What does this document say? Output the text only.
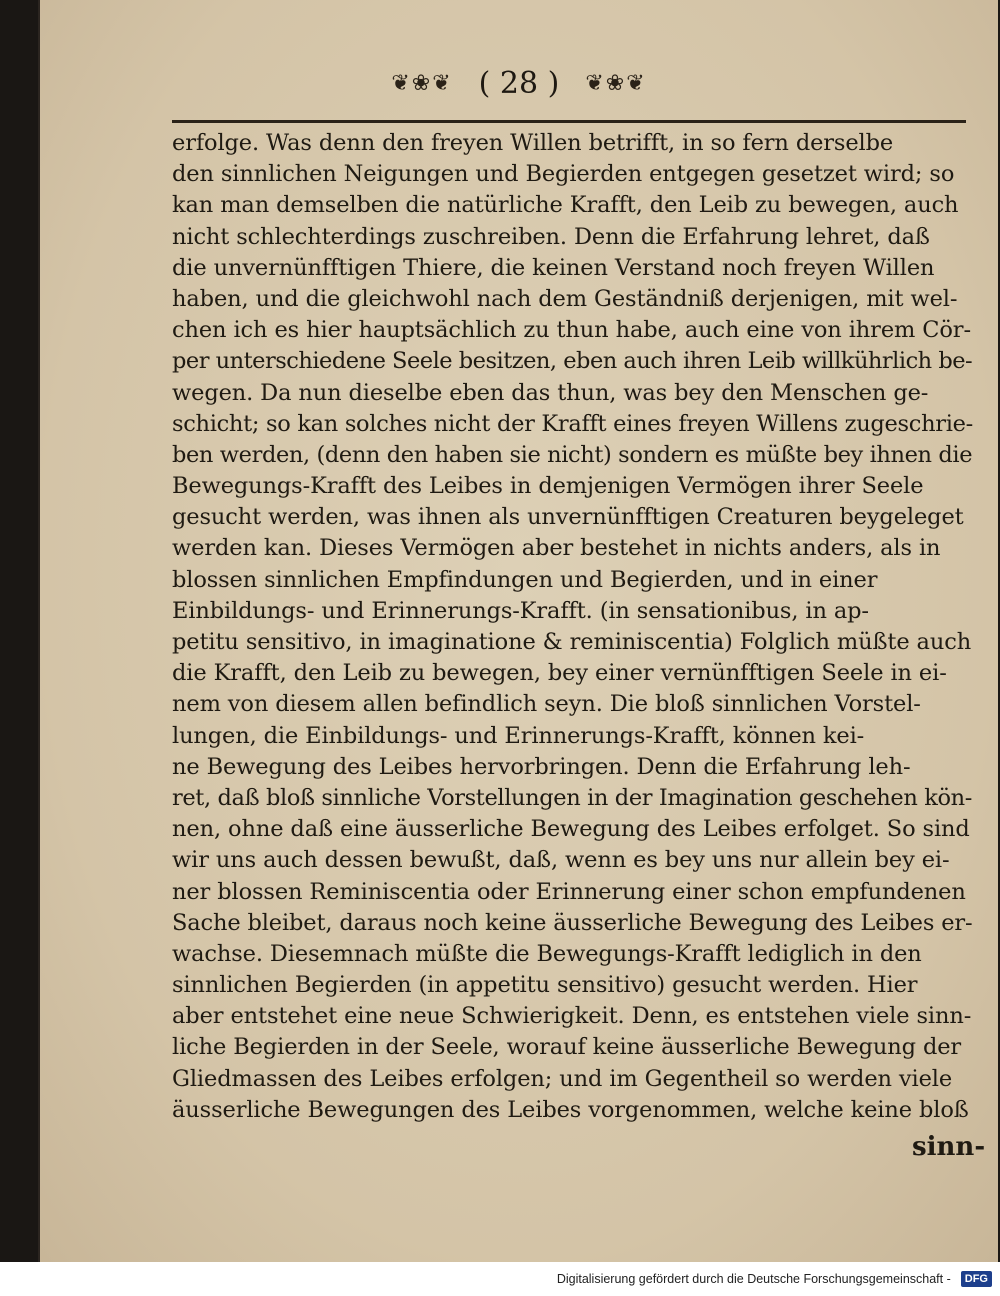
❦❀❦ ( 28 ) ❦❀❦
erfolge. Was denn den freyen Willen betrifft, in so fern derselbe
den sinnlichen Neigungen und Begierden entgegen gesetzet wird; so
kan man demselben die natürliche Krafft, den Leib zu bewegen, auch
nicht schlechterdings zuschreiben. Denn die Erfahrung lehret, daß
die unvernünfftigen Thiere, die keinen Verstand noch freyen Willen
haben, und die gleichwohl nach dem Geständniß derjenigen, mit wel-
chen ich es hier hauptsächlich zu thun habe, auch eine von ihrem Cör-
per unterschiedene Seele besitzen, eben auch ihren Leib willkührlich be-
wegen. Da nun dieselbe eben das thun, was bey den Menschen ge-
schicht; so kan solches nicht der Krafft eines freyen Willens zugeschrie-
ben werden, (denn den haben sie nicht) sondern es müßte bey ihnen die
Bewegungs-Krafft des Leibes in demjenigen Vermögen ihrer Seele
gesucht werden, was ihnen als unvernünfftigen Creaturen beygeleget
werden kan. Dieses Vermögen aber bestehet in nichts anders, als in
blossen sinnlichen Empfindungen und Begierden, und in einer
Einbildungs- und Erinnerungs-Krafft. (in sensationibus, in ap-
petitu sensitivo, in imaginatione & reminiscentia) Folglich müßte auch
die Krafft, den Leib zu bewegen, bey einer vernünfftigen Seele in ei-
nem von diesem allen befindlich seyn. Die bloß sinnlichen Vorstel-
lungen, die Einbildungs- und Erinnerungs-Krafft, können kei-
ne Bewegung des Leibes hervorbringen. Denn die Erfahrung leh-
ret, daß bloß sinnliche Vorstellungen in der Imagination geschehen kön-
nen, ohne daß eine äusserliche Bewegung des Leibes erfolget. So sind
wir uns auch dessen bewußt, daß, wenn es bey uns nur allein bey ei-
ner blossen Reminiscentia oder Erinnerung einer schon empfundenen
Sache bleibet, daraus noch keine äusserliche Bewegung des Leibes er-
wachse. Diesemnach müßte die Bewegungs-Krafft lediglich in den
sinnlichen Begierden (in appetitu sensitivo) gesucht werden. Hier
aber entstehet eine neue Schwierigkeit. Denn, es entstehen viele sinn-
liche Begierden in der Seele, worauf keine äusserliche Bewegung der
Gliedmassen des Leibes erfolgen; und im Gegentheil so werden viele
äusserliche Bewegungen des Leibes vorgenommen, welche keine bloß
sinn-
Digitalisierung gefördert durch die Deutsche Forschungsgemeinschaft -	DFG
